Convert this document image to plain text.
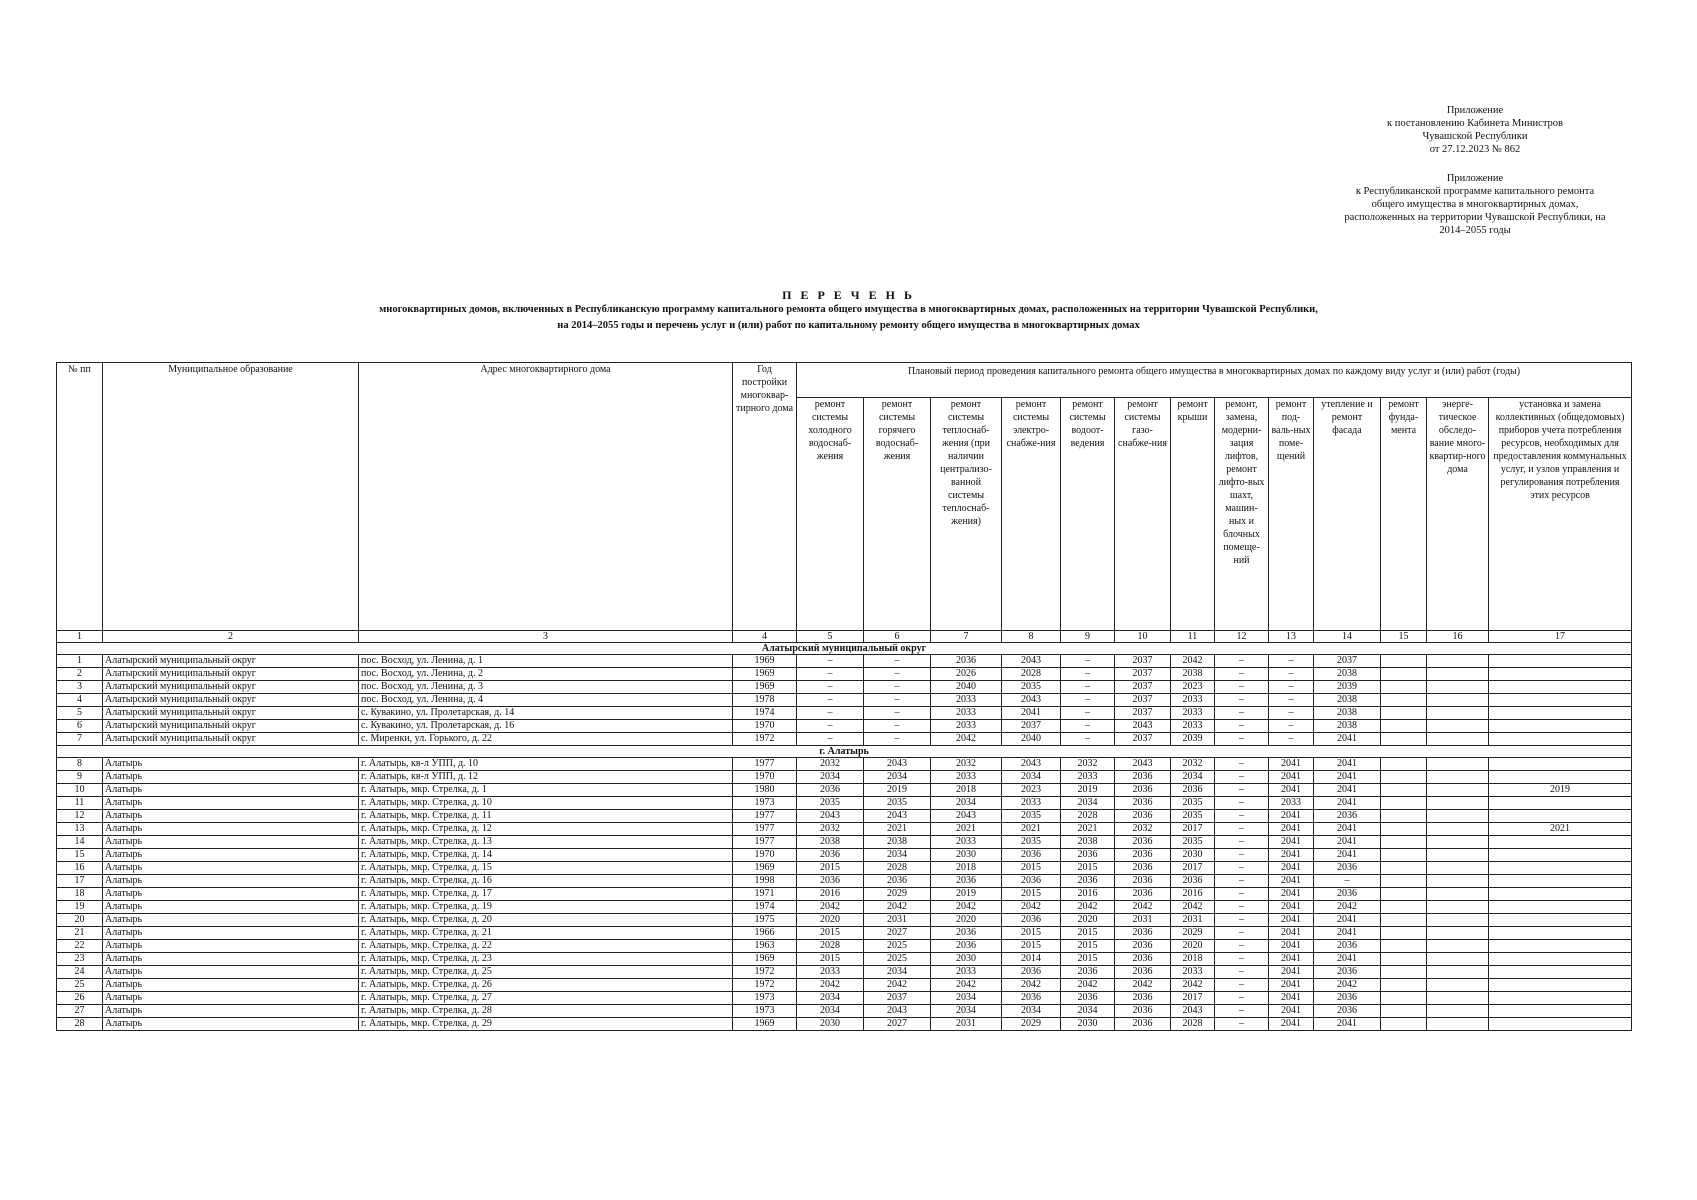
Приложение
к постановлению Кабинета Министров
Чувашской Республики
от 27.12.2023 № 862
Приложение
к Республиканской программе капитального ремонта
общего имущества в многоквартирных домах,
расположенных на территории Чувашской Республики, на
2014–2055 годы
П Е Р Е Ч Е Н Ь
многоквартирных домов, включенных в Республиканскую программу капитального ремонта общего имущества в многоквартирных домах, расположенных на территории Чувашской Республики,
на 2014–2055 годы и перечень услуг и (или) работ по капитальному ремонту общего имущества в многоквартирных домах
№ пп	Муниципальное образование	Адрес многоквартирного дома	Год постройки многоквар-тирного дома	Плановый период проведения капитального ремонта общего имущества в многоквартирных домах по каждому виду услуг и (или) работ (годы)												
				ремонт системы холодного водоснаб-жения	ремонт системы горячего водоснаб-жения	ремонт системы теплоснаб-жения (при наличии централизо-ванной системы теплоснаб-жения)	ремонт системы электро-снабже-ния	ремонт системы водоот-ведения	ремонт системы газо-снабже-ния	ремонт крыши	ремонт, замена, модерни-зация лифтов, ремонт лифто-вых шахт, машин-ных и блочных помеще-ний	ремонт под-валь-ных поме-щений	утепление и ремонт фасада	ремонт фунда-мента	энерге-тическое обследо-вание много-квартир-ного дома	установка и замена коллективных (общедомовых) приборов учета потребления ресурсов, необходимых для предоставления коммунальных услуг, и узлов управления и регулирования потребления этих ресурсов
1	2	3	4	5	6	7	8	9	10	11	12	13	14	15	16	17
Алатырский муниципальный округ																
1	Алатырский муниципальный округ	пос. Восход, ул. Ленина, д. 1	1969	–	–	2036	2043	–	2037	2042	–	–	2037			
2	Алатырский муниципальный округ	пос. Восход, ул. Ленина, д. 2	1969	–	–	2026	2028	–	2037	2038	–	–	2038			
3	Алатырский муниципальный округ	пос. Восход, ул. Ленина, д. 3	1969	–	–	2040	2035	–	2037	2023	–	–	2039			
4	Алатырский муниципальный округ	пос. Восход, ул. Ленина, д. 4	1978	–	–	2033	2043	–	2037	2033	–	–	2038			
5	Алатырский муниципальный округ	с. Кувакино, ул. Пролетарская, д. 14	1974	–	–	2033	2041	–	2037	2033	–	–	2038			
6	Алатырский муниципальный округ	с. Кувакино, ул. Пролетарская, д. 16	1970	–	–	2033	2037	–	2043	2033	–	–	2038			
7	Алатырский муниципальный округ	с. Миренки, ул. Горького, д. 22	1972	–	–	2042	2040	–	2037	2039	–	–	2041			
г. Алатырь																
8	Алатырь	г. Алатырь, кв-л УПП, д. 10	1977	2032	2043	2032	2043	2032	2043	2032	–	2041	2041			
9	Алатырь	г. Алатырь, кв-л УПП, д. 12	1970	2034	2034	2033	2034	2033	2036	2034	–	2041	2041			
10	Алатырь	г. Алатырь, мкр. Стрелка, д. 1	1980	2036	2019	2018	2023	2019	2036	2036	–	2041	2041			2019
11	Алатырь	г. Алатырь, мкр. Стрелка, д. 10	1973	2035	2035	2034	2033	2034	2036	2035	–	2033	2041			
12	Алатырь	г. Алатырь, мкр. Стрелка, д. 11	1977	2043	2043	2043	2035	2028	2036	2035	–	2041	2036			
13	Алатырь	г. Алатырь, мкр. Стрелка, д. 12	1977	2032	2021	2021	2021	2021	2032	2017	–	2041	2041			2021
14	Алатырь	г. Алатырь, мкр. Стрелка, д. 13	1977	2038	2038	2033	2035	2038	2036	2035	–	2041	2041			
15	Алатырь	г. Алатырь, мкр. Стрелка, д. 14	1970	2036	2034	2030	2036	2036	2036	2030	–	2041	2041			
16	Алатырь	г. Алатырь, мкр. Стрелка, д. 15	1969	2015	2028	2018	2015	2015	2036	2017	–	2041	2036			
17	Алатырь	г. Алатырь, мкр. Стрелка, д. 16	1998	2036	2036	2036	2036	2036	2036	2036	–	2041	–			
18	Алатырь	г. Алатырь, мкр. Стрелка, д. 17	1971	2016	2029	2019	2015	2016	2036	2016	–	2041	2036			
19	Алатырь	г. Алатырь, мкр. Стрелка, д. 19	1974	2042	2042	2042	2042	2042	2042	2042	–	2041	2042			
20	Алатырь	г. Алатырь, мкр. Стрелка, д. 20	1975	2020	2031	2020	2036	2020	2031	2031	–	2041	2041			
21	Алатырь	г. Алатырь, мкр. Стрелка, д. 21	1966	2015	2027	2036	2015	2015	2036	2029	–	2041	2041			
22	Алатырь	г. Алатырь, мкр. Стрелка, д. 22	1963	2028	2025	2036	2015	2015	2036	2020	–	2041	2036			
23	Алатырь	г. Алатырь, мкр. Стрелка, д. 23	1969	2015	2025	2030	2014	2015	2036	2018	–	2041	2041			
24	Алатырь	г. Алатырь, мкр. Стрелка, д. 25	1972	2033	2034	2033	2036	2036	2036	2033	–	2041	2036			
25	Алатырь	г. Алатырь, мкр. Стрелка, д. 26	1972	2042	2042	2042	2042	2042	2042	2042	–	2041	2042			
26	Алатырь	г. Алатырь, мкр. Стрелка, д. 27	1973	2034	2037	2034	2036	2036	2036	2017	–	2041	2036			
27	Алатырь	г. Алатырь, мкр. Стрелка, д. 28	1973	2034	2043	2034	2034	2034	2036	2043	–	2041	2036			
28	Алатырь	г. Алатырь, мкр. Стрелка, д. 29	1969	2030	2027	2031	2029	2030	2036	2028	–	2041	2041			
